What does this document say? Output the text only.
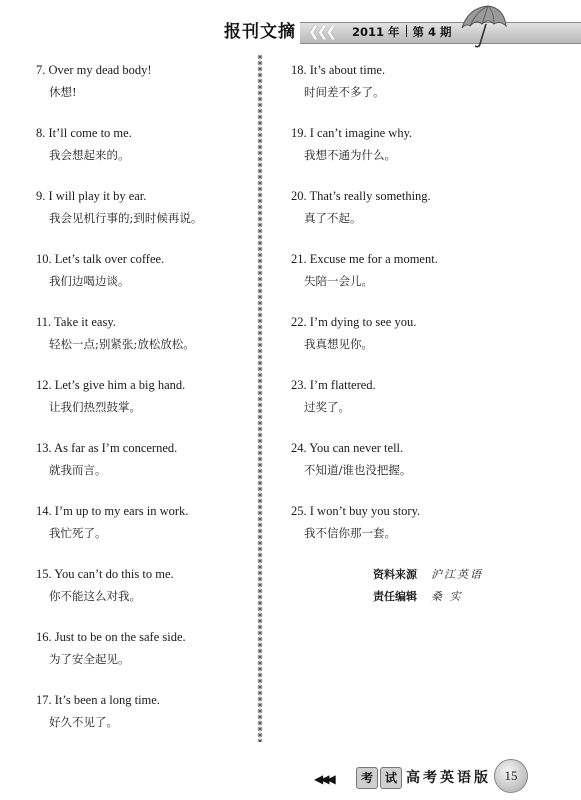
报刊文摘 ❮❮❮ 2011 年 第 4 期
7. Over my dead body!
休想!
8. It’ll come to me.
我会想起来的。
9. I will play it by ear.
我会见机行事的;到时候再说。
10. Let’s talk over coffee.
我们边喝边谈。
11. Take it easy.
轻松一点;别紧张;放松放松。
12. Let’s give him a big hand.
让我们热烈鼓掌。
13. As far as I’m concerned.
就我而言。
14. I’m up to my ears in work.
我忙死了。
15. You can’t do this to me.
你不能这么对我。
16. Just to be on the safe side.
为了安全起见。
17. It’s been a long time.
好久不见了。
18. It’s about time.
时间差不多了。
19. I can’t imagine why.
我想不通为什么。
20. That’s really something.
真了不起。
21. Excuse me for a moment.
失陪一会儿。
22. I’m dying to see you.
我真想见你。
23. I’m flattered.
过奖了。
24. You can never tell.
不知道/谁也没把握。
25. I won’t buy you story.
我不信你那一套。
资料来源 沪江英语
责任编辑 桑 实
◀◀◀	考 试 高考英语版	15
